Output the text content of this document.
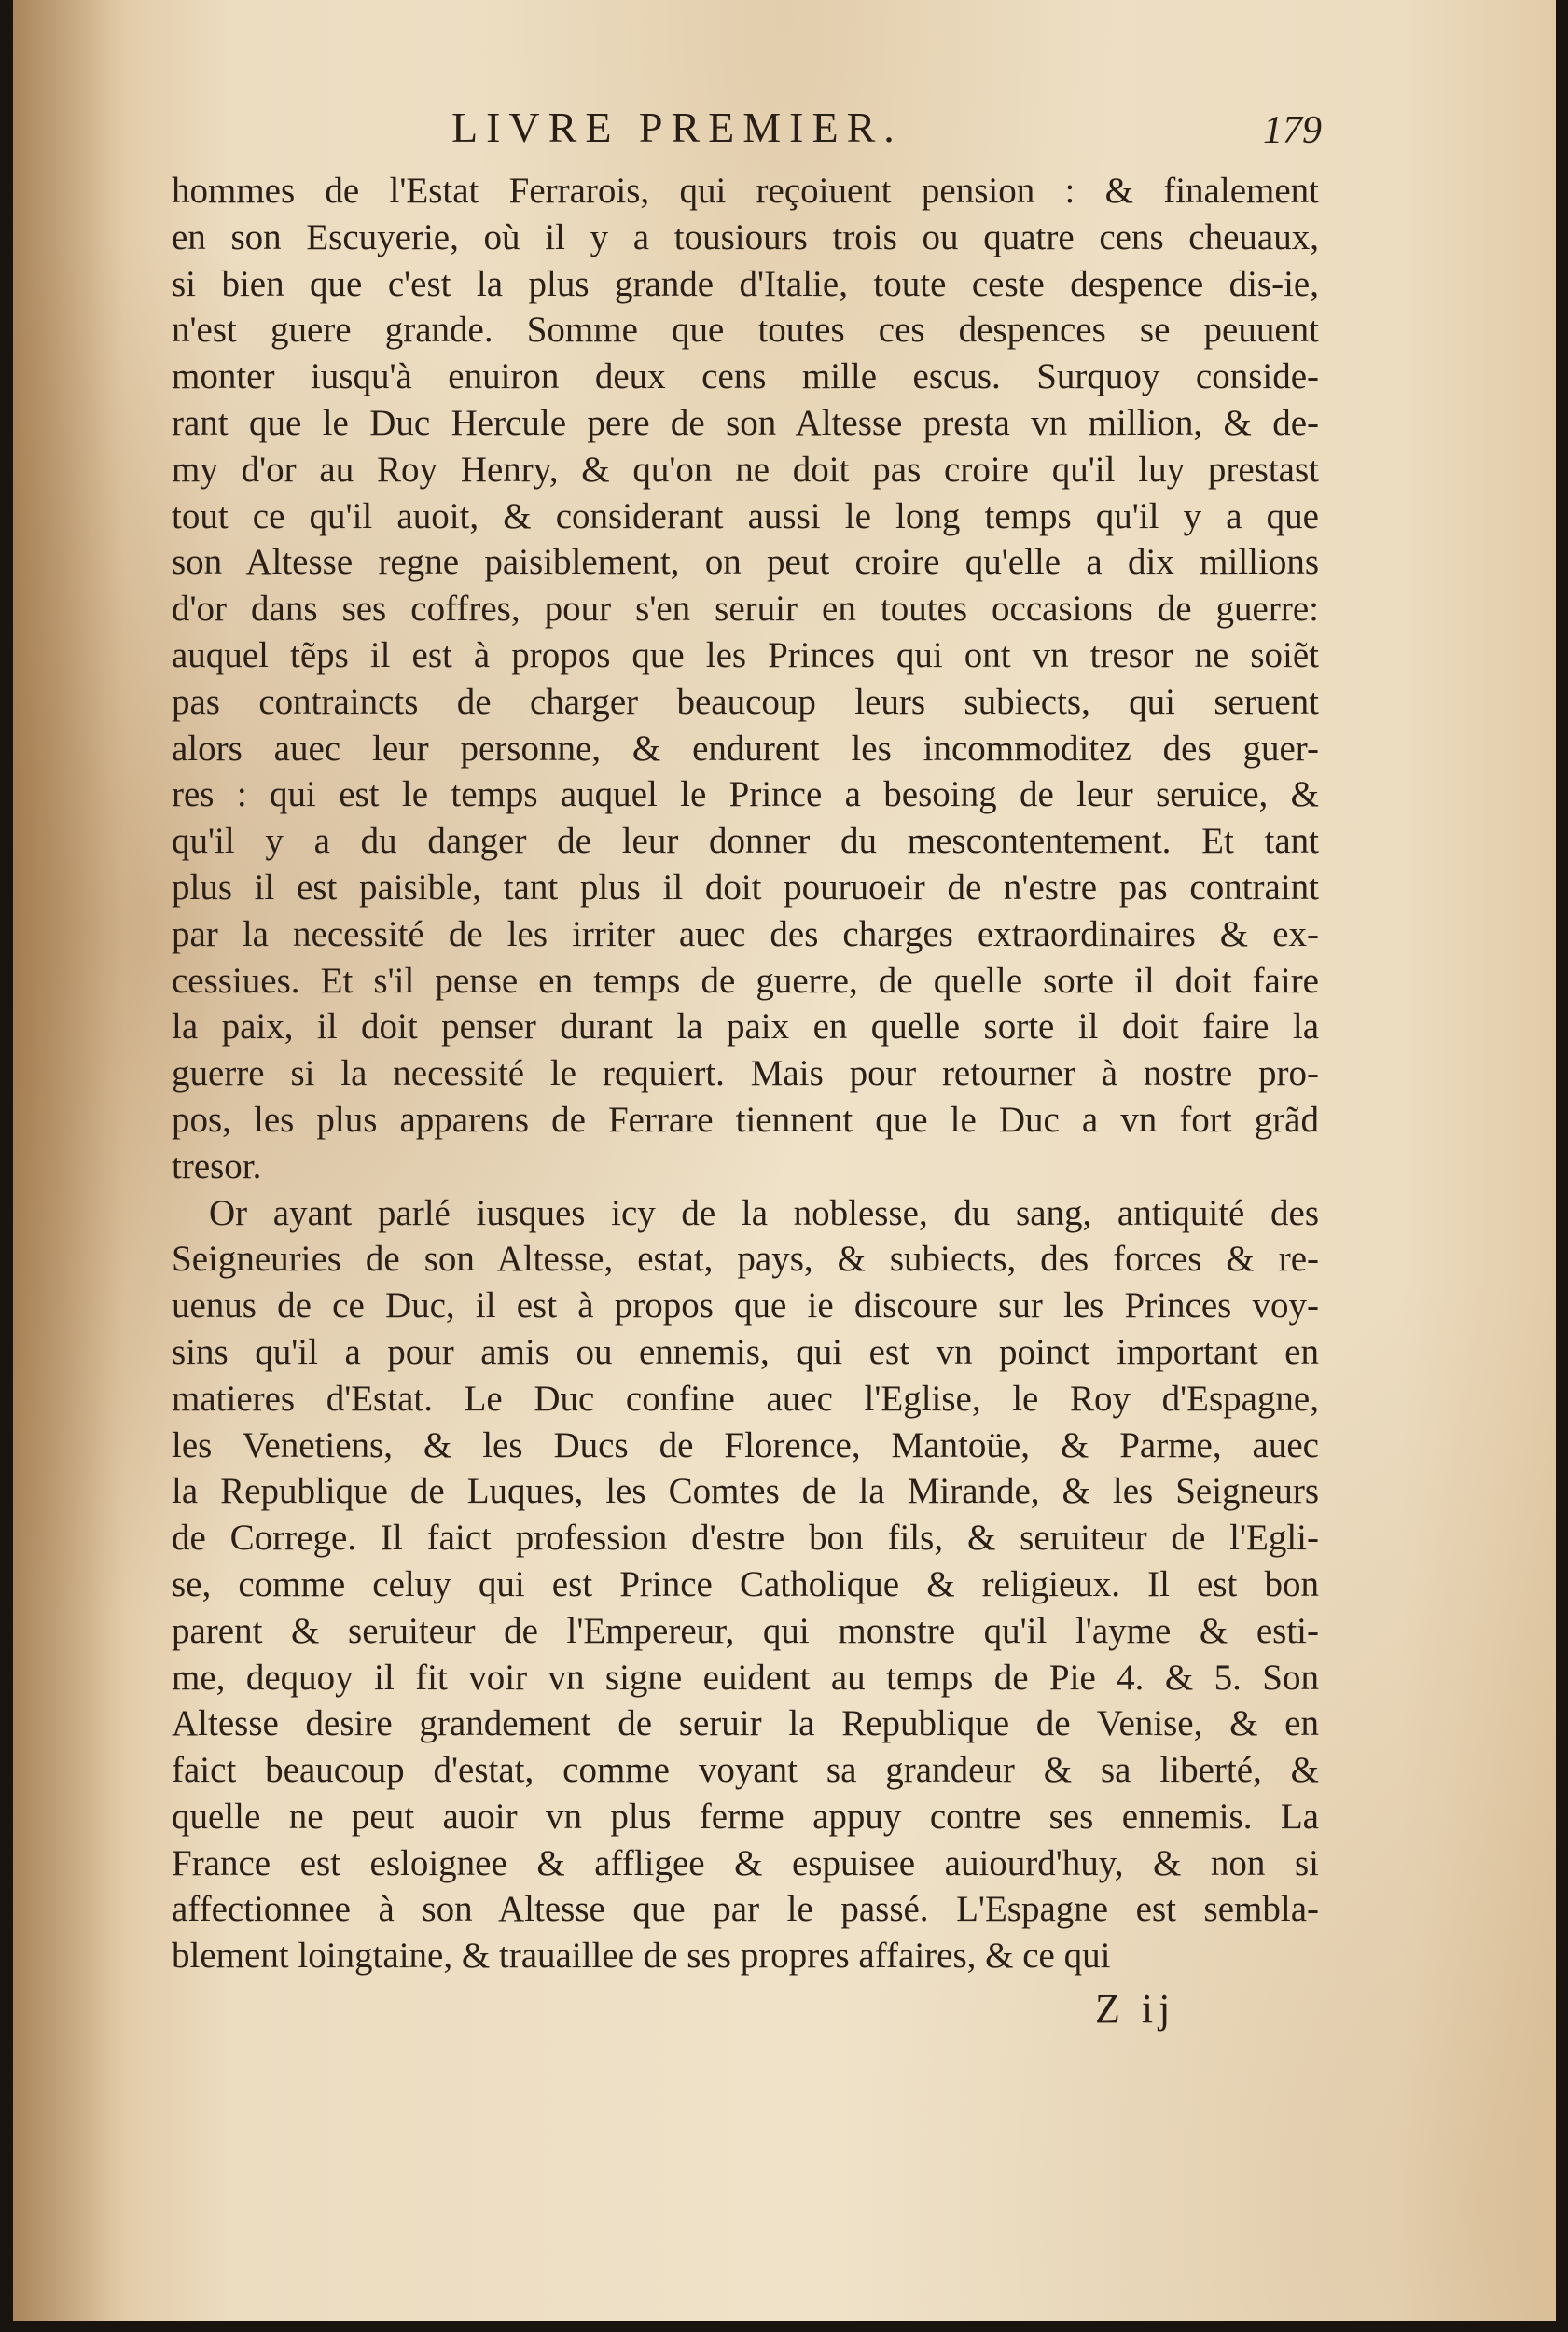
LIVRE PREMIER.	179
hommes de l'Estat Ferrarois, qui reçoiuent pension : & finalement
en son Escuyerie, où il y a tousiours trois ou quatre cens cheuaux,
si bien que c'est la plus grande d'Italie, toute ceste despence dis-ie,
n'est guere grande. Somme que toutes ces despences se peuuent
monter iusqu'à enuiron deux cens mille escus. Surquoy conside-
rant que le Duc Hercule pere de son Altesse presta vn million, & de-
my d'or au Roy Henry, & qu'on ne doit pas croire qu'il luy prestast
tout ce qu'il auoit, & considerant aussi le long temps qu'il y a que
son Altesse regne paisiblement, on peut croire qu'elle a dix millions
d'or dans ses coffres, pour s'en seruir en toutes occasions de guerre:
auquel tẽps il est à propos que les Princes qui ont vn tresor ne soiẽt
pas contraincts de charger beaucoup leurs subiects, qui seruent
alors auec leur personne, & endurent les incommoditez des guer-
res : qui est le temps auquel le Prince a besoing de leur seruice, &
qu'il y a du danger de leur donner du mescontentement. Et tant
plus il est paisible, tant plus il doit pouruoeir de n'estre pas contraint
par la necessité de les irriter auec des charges extraordinaires & ex-
cessiues. Et s'il pense en temps de guerre, de quelle sorte il doit faire
la paix, il doit penser durant la paix en quelle sorte il doit faire la
guerre si la necessité le requiert. Mais pour retourner à nostre pro-
pos, les plus apparens de Ferrare tiennent que le Duc a vn fort grãd
tresor.
Or ayant parlé iusques icy de la noblesse, du sang, antiquité des
Seigneuries de son Altesse, estat, pays, & subiects, des forces & re-
uenus de ce Duc, il est à propos que ie discoure sur les Princes voy-
sins qu'il a pour amis ou ennemis, qui est vn poinct important en
matieres d'Estat. Le Duc confine auec l'Eglise, le Roy d'Espagne,
les Venetiens, & les Ducs de Florence, Mantoüe, & Parme, auec
la Republique de Luques, les Comtes de la Mirande, & les Seigneurs
de Correge. Il faict profession d'estre bon fils, & seruiteur de l'Egli-
se, comme celuy qui est Prince Catholique & religieux. Il est bon
parent & seruiteur de l'Empereur, qui monstre qu'il l'ayme & esti-
me, dequoy il fit voir vn signe euident au temps de Pie 4. & 5. Son
Altesse desire grandement de seruir la Republique de Venise, & en
faict beaucoup d'estat, comme voyant sa grandeur & sa liberté, &
quelle ne peut auoir vn plus ferme appuy contre ses ennemis. La
France est esloignee & affligee & espuisee auiourd'huy, & non si
affectionnee à son Altesse que par le passé. L'Espagne est sembla-
blement loingtaine, & trauaillee de ses propres affaires, & ce qui
Z ij
